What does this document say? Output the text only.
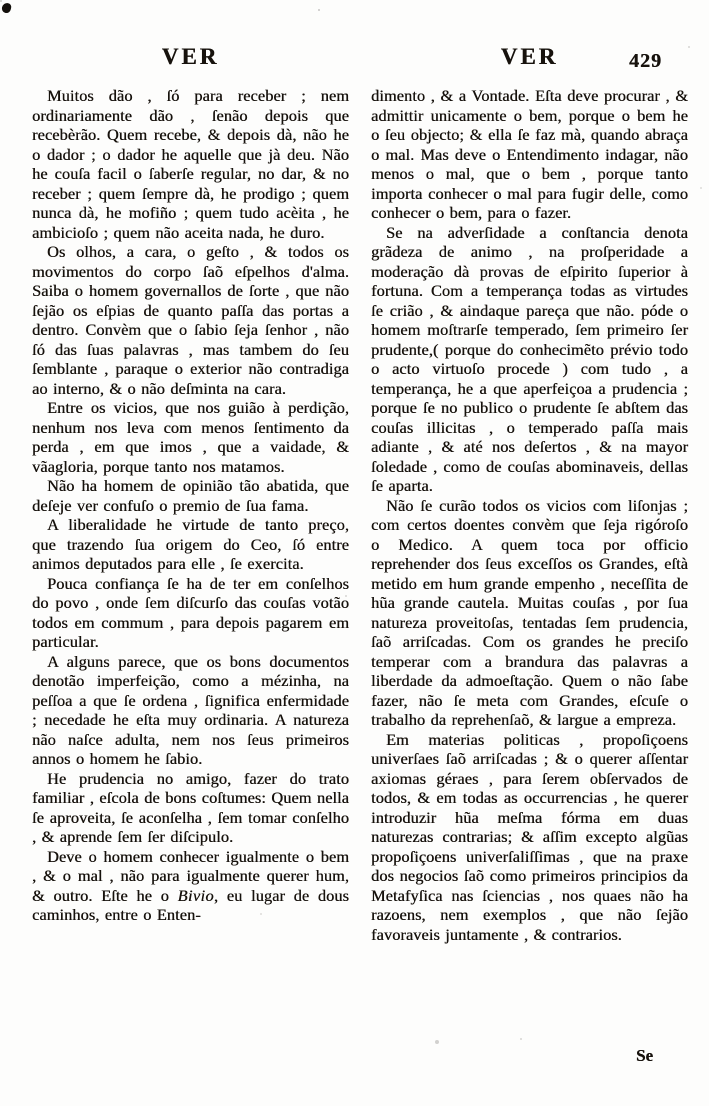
VER	VER	429

Muitos dão , ſó para receber ; nem ordinariamente dão , ſenão depois que recebèrão. Quem recebe, & depois dà, não he o dador ; o dador he aquelle que jà deu. Não he couſa facil o ſaberſe regular, no dar, & no receber ; quem ſempre dà, he prodigo ; quem nunca dà, he mofiño ; quem tudo acèita , he ambicioſo ; quem não aceita nada, he duro.

Os olhos, a cara, o geſto , & todos os movimentos do corpo ſaõ eſpelhos d'alma. Saiba o homem governallos de ſorte , que não ſejão os eſpias de quanto paſſa das portas a dentro. Convèm que o ſabio ſeja ſenhor , não ſó das ſuas palavras , mas tambem do ſeu ſemblante , paraque o exterior não contradiga ao interno, & o não deſminta na cara.

Entre os vicios, que nos guião à perdição, nenhum nos leva com menos ſentimento da perda , em que imos , que a vaidade, & vãagloria, porque tanto nos matamos.

Não ha homem de opinião tão abatida, que deſeje ver confuſo o premio de ſua fama.

A liberalidade he virtude de tanto preço, que trazendo ſua origem do Ceo, ſó entre animos deputados para elle , ſe exercita.

Pouca confiança ſe ha de ter em conſelhos do povo , onde ſem diſcurſo das couſas votão todos em commum , para depois pagarem em particular.

A alguns parece, que os bons documentos denotão imperfeição, como a mézinha, na peſſoa a que ſe ordena , ſignifica enfermidade ; necedade he eſta muy ordinaria. A natureza não naſce adulta, nem nos ſeus primeiros annos o homem he ſabio.

He prudencia no amigo, fazer do trato familiar , eſcola de bons coſtumes: Quem nella ſe aproveita, ſe aconſelha , ſem tomar conſelho , & aprende ſem ſer diſcipulo.

Deve o homem conhecer igualmente o bem , & o mal , não para igualmente querer hum, & outro. Eſte he o Bivio, eu lugar de dous caminhos, entre o Enten-

dimento , & a Vontade. Eſta deve procurar , & admittir unicamente o bem, porque o bem he o ſeu objecto; & ella ſe faz mà, quando abraça o mal. Mas deve o Entendimento indagar, não menos o mal, que o bem , porque tanto importa conhecer o mal para fugir delle, como conhecer o bem, para o fazer.

Se na adverſidade a conſtancia denota grãdeza de animo , na proſperidade a moderação dà provas de eſpirito ſuperior à fortuna. Com a temperança todas as virtudes ſe crião , & aindaque pareça que não. póde o homem moſtrarſe temperado, ſem primeiro ſer prudente,( porque do conhecimẽto prévio todo o acto virtuoſo procede ) com tudo , a temperança, he a que aperfeiçoa a prudencia ; porque ſe no publico o prudente ſe abſtem das couſas illicitas , o temperado paſſa mais adiante , & até nos deſertos , & na mayor ſoledade , como de couſas abominaveis, dellas ſe aparta.

Não ſe curão todos os vicios com liſonjas ; com certos doentes convèm que ſeja rigóroſo o Medico. A quem toca por officio reprehender dos ſeus exceſſos os Grandes, eſtà metido em hum grande empenho , neceſſita de hũa grande cautela. Muitas couſas , por ſua natureza proveitoſas, tentadas ſem prudencia, ſaõ arriſcadas. Com os grandes he preciſo temperar com a brandura das palavras a liberdade da admoeſtação. Quem o não ſabe fazer, não ſe meta com Grandes, eſcuſe o trabalho da reprehenſaõ, & largue a empreza.

Em materias politicas , propoſiçoens univerſaes ſaõ arriſcadas ; & o querer aſſentar axiomas géraes , para ſerem obſervados de todos, & em todas as occurrencias , he querer introduzir hũa meſma fórma em duas naturezas contrarias; & aſſim excepto algũas propoſiçoens univerſaliſſimas , que na praxe dos negocios ſaõ como primeiros principios da Metafyſica nas ſciencias , nos quaes não ha razoens, nem exemplos , que não ſejão favoraveis juntamente , & contrarios.

Se
